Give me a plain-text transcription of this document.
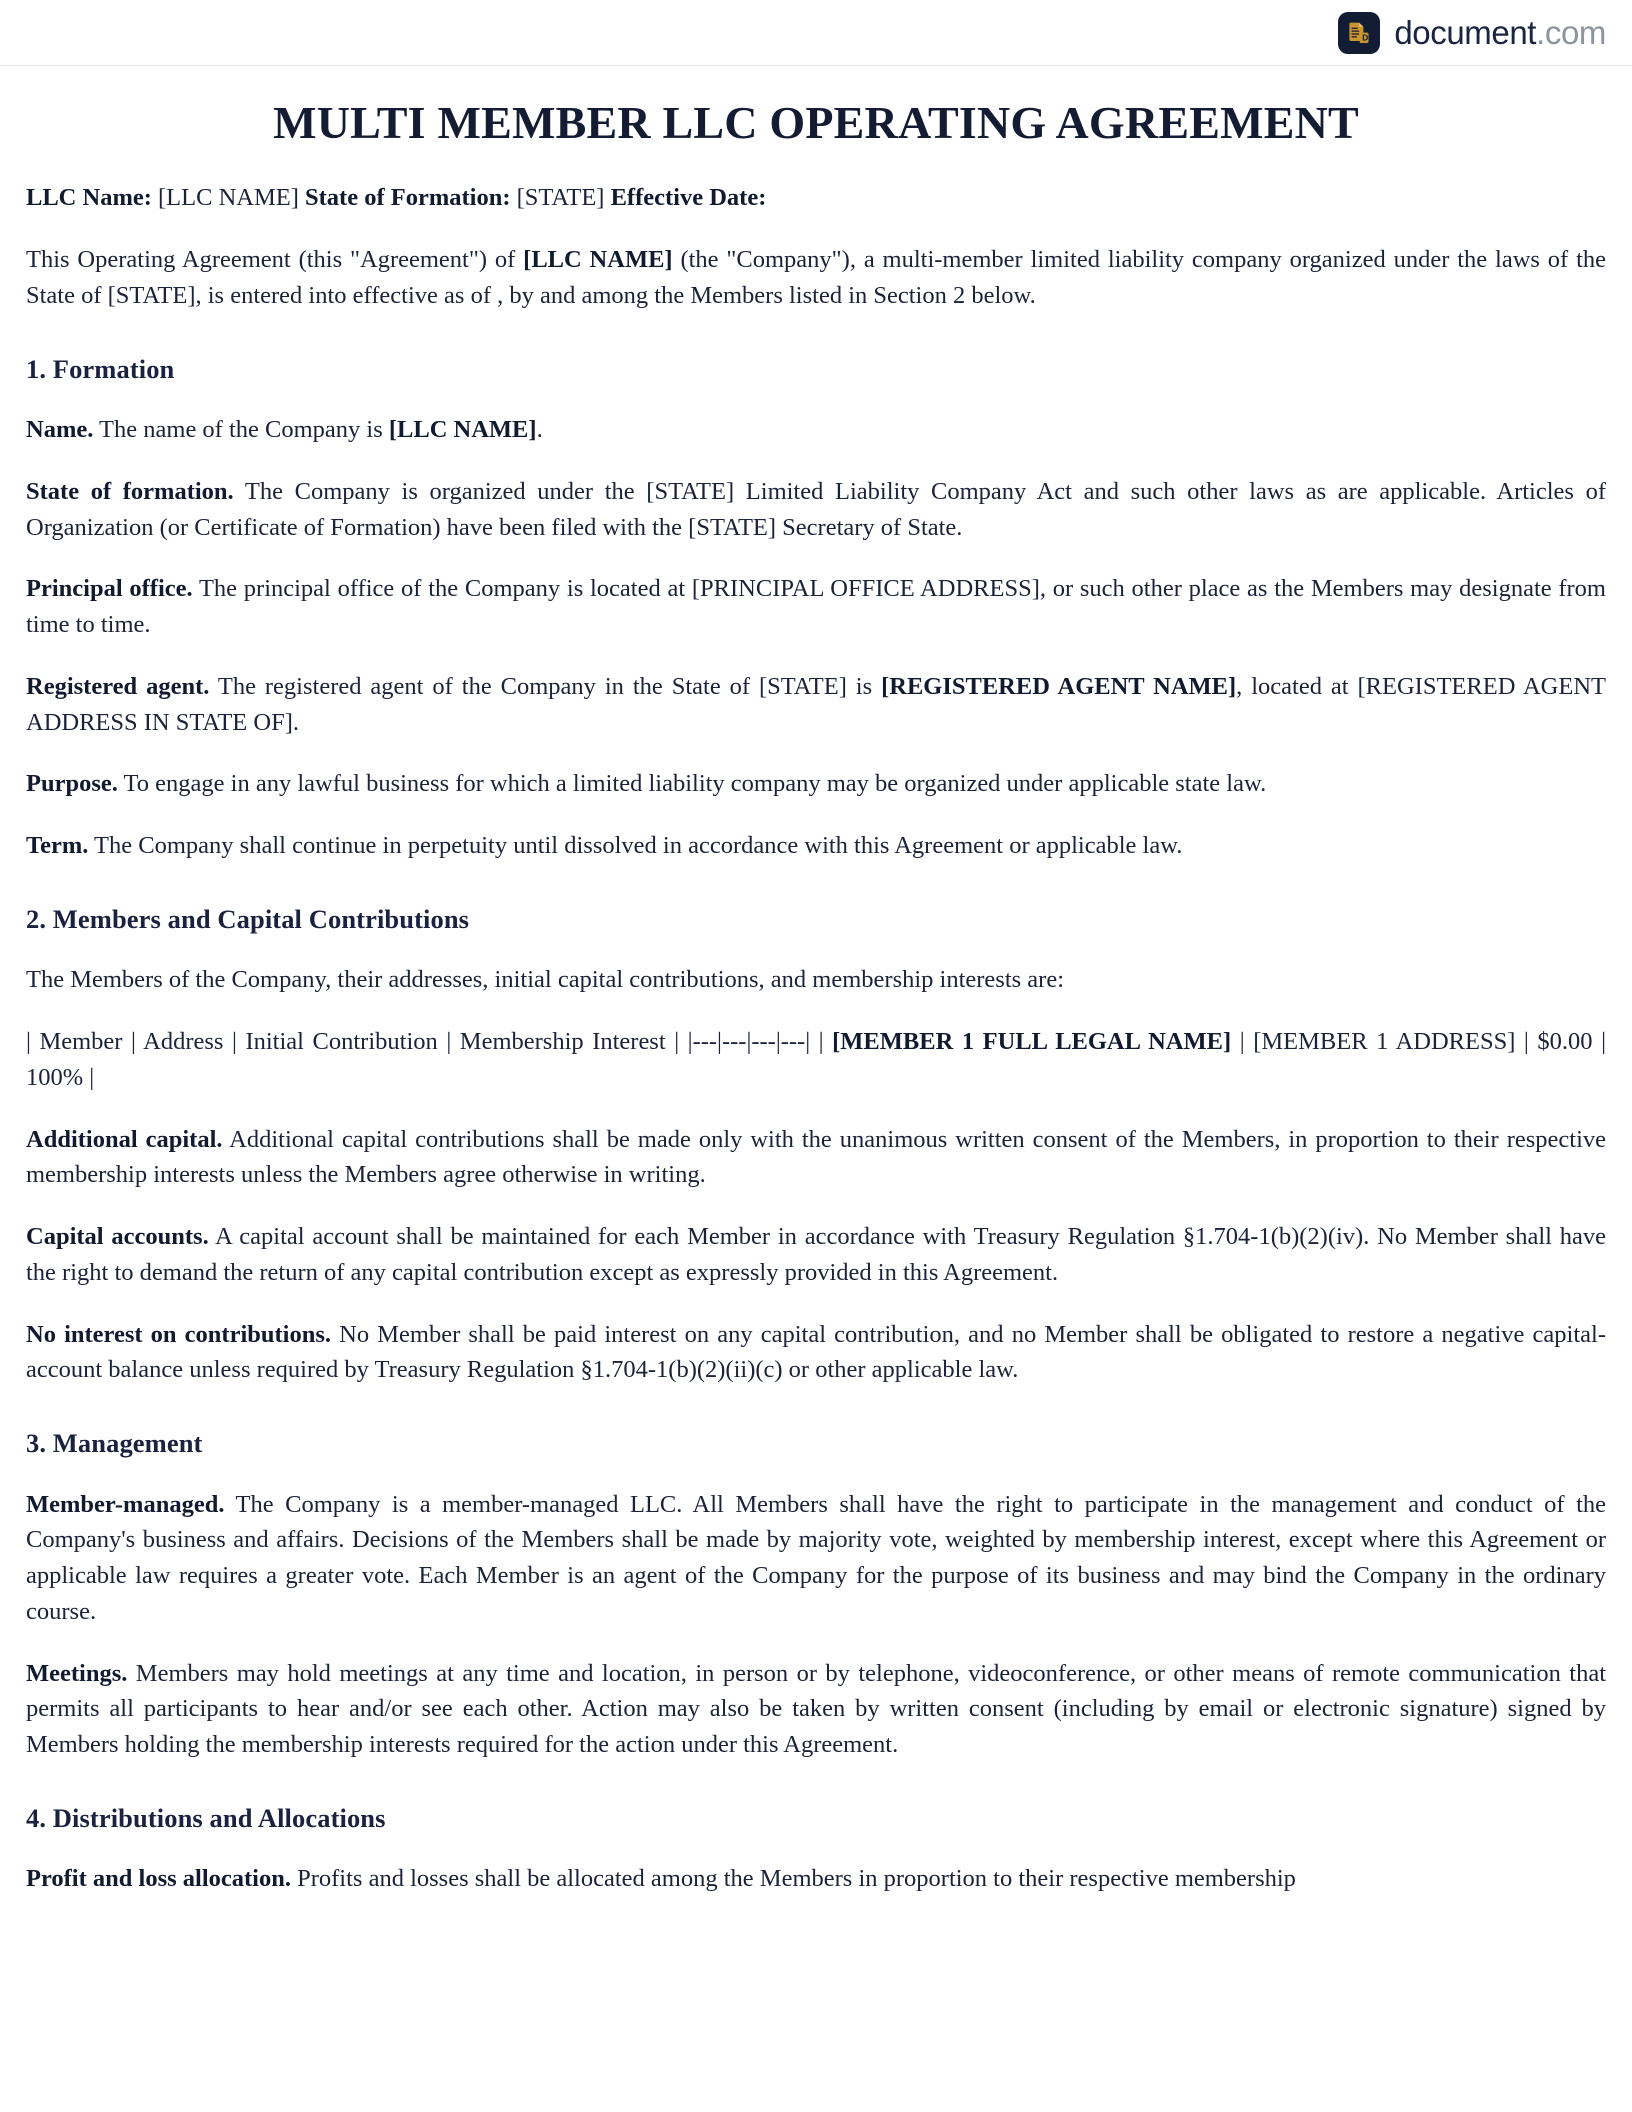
D document.com
MULTI MEMBER LLC OPERATING AGREEMENT

LLC Name: [LLC NAME] State of Formation: [STATE] Effective Date:

This Operating Agreement (this "Agreement") of [LLC NAME] (the "Company"), a multi-member limited liability company organized under the laws of the State of [STATE], is entered into effective as of , by and among the Members listed in Section 2 below.

1. Formation

Name. The name of the Company is [LLC NAME].

State of formation. The Company is organized under the [STATE] Limited Liability Company Act and such other laws as are applicable. Articles of Organization (or Certificate of Formation) have been filed with the [STATE] Secretary of State.

Principal office. The principal office of the Company is located at [PRINCIPAL OFFICE ADDRESS], or such other place as the Members may designate from time to time.

Registered agent. The registered agent of the Company in the State of [STATE] is [REGISTERED AGENT NAME], located at [REGISTERED AGENT ADDRESS IN STATE OF].

Purpose. To engage in any lawful business for which a limited liability company may be organized under applicable state law.

Term. The Company shall continue in perpetuity until dissolved in accordance with this Agreement or applicable law.

2. Members and Capital Contributions

The Members of the Company, their addresses, initial capital contributions, and membership interests are:

| Member | Address | Initial Contribution | Membership Interest | |---|---|---|---| | [MEMBER 1 FULL LEGAL NAME] | [MEMBER 1 ADDRESS] | $0.00 | 100% |

Additional capital. Additional capital contributions shall be made only with the unanimous written consent of the Members, in proportion to their respective membership interests unless the Members agree otherwise in writing.

Capital accounts. A capital account shall be maintained for each Member in accordance with Treasury Regulation §1.704-1(b)(2)(iv). No Member shall have the right to demand the return of any capital contribution except as expressly provided in this Agreement.

No interest on contributions. No Member shall be paid interest on any capital contribution, and no Member shall be obligated to restore a negative capital-account balance unless required by Treasury Regulation §1.704-1(b)(2)(ii)(c) or other applicable law.

3. Management

Member-managed. The Company is a member-managed LLC. All Members shall have the right to participate in the management and conduct of the Company's business and affairs. Decisions of the Members shall be made by majority vote, weighted by membership interest, except where this Agreement or applicable law requires a greater vote. Each Member is an agent of the Company for the purpose of its business and may bind the Company in the ordinary course.

Meetings. Members may hold meetings at any time and location, in person or by telephone, videoconference, or other means of remote communication that permits all participants to hear and/or see each other. Action may also be taken by written consent (including by email or electronic signature) signed by Members holding the membership interests required for the action under this Agreement.

4. Distributions and Allocations

Profit and loss allocation. Profits and losses shall be allocated among the Members in proportion to their respective membership
